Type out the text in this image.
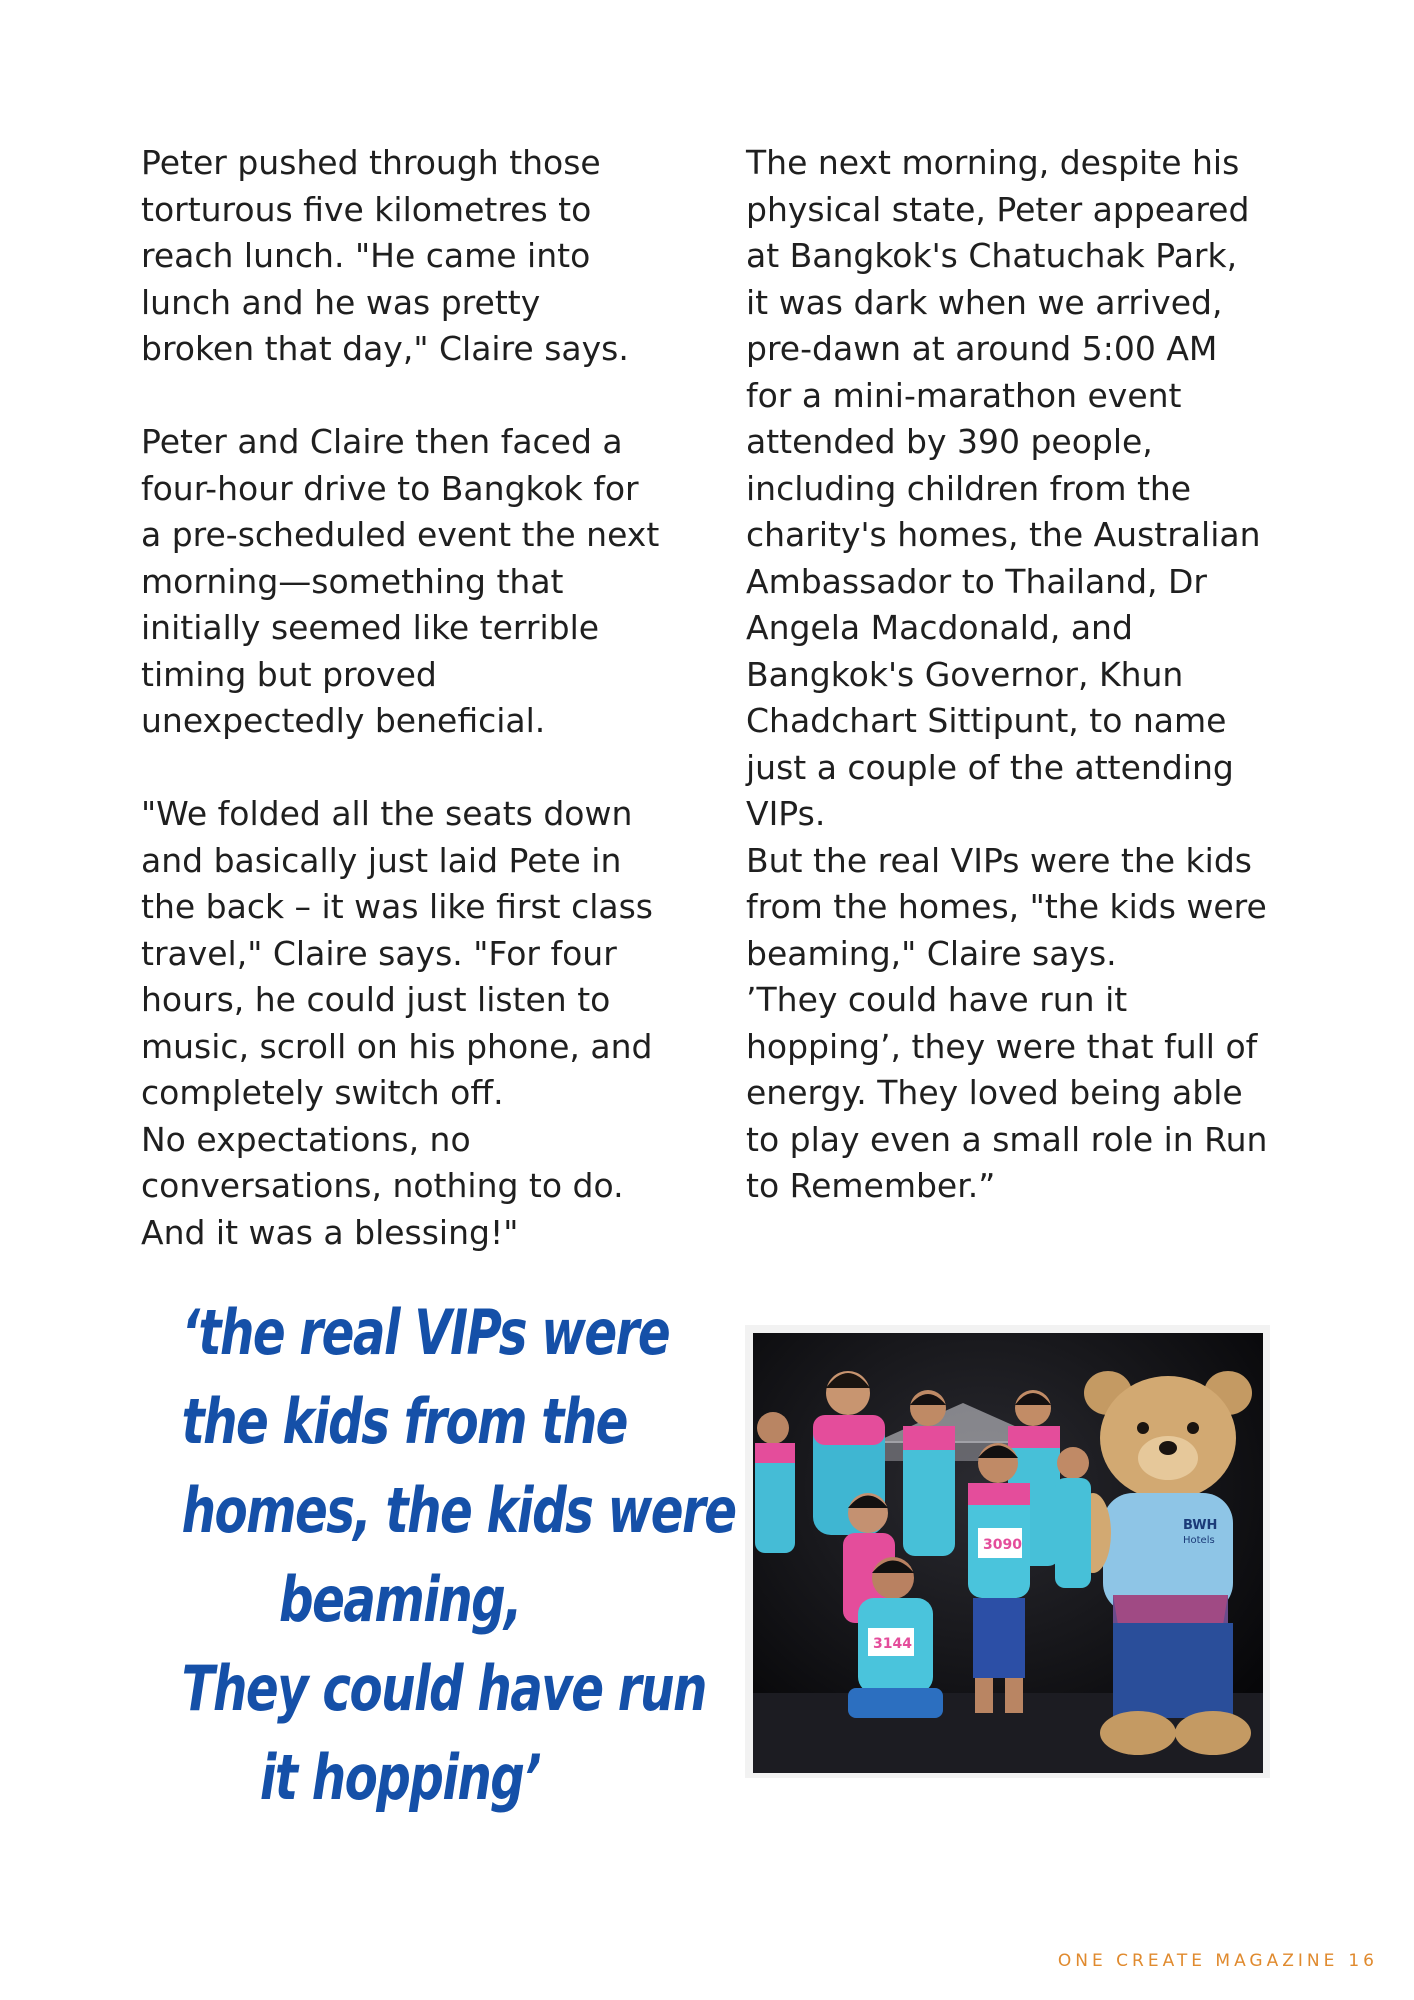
Peter pushed through those
torturous five kilometres to
reach lunch. "He came into
lunch and he was pretty
broken that day," Claire says.
Peter and Claire then faced a
four-hour drive to Bangkok for
a pre-scheduled event the next
morning—something that
initially seemed like terrible
timing but proved
unexpectedly beneficial.
"We folded all the seats down
and basically just laid Pete in
the back – it was like first class
travel," Claire says. "For four
hours, he could just listen to
music, scroll on his phone, and
completely switch off.
No expectations, no
conversations, nothing to do.
And it was a blessing!"
The next morning, despite his
physical state, Peter appeared
at Bangkok's Chatuchak Park,
it was dark when we arrived,
pre-dawn at around 5:00 AM
for a mini-marathon event
attended by 390 people,
including children from the
charity's homes, the Australian
Ambassador to Thailand, Dr
Angela Macdonald, and
Bangkok's Governor, Khun
Chadchart Sittipunt, to name
just a couple of the attending
VIPs.
But the real VIPs were the kids
from the homes, "the kids were
beaming," Claire says.
’They could have run it
hopping’, they were that full of
energy. They loved being able
to play even a small role in Run
to Remember.”
‘the real VIPs were
the kids from the
homes, the kids were
beaming,
They could have run
it hopping’
BWH
Hotels
3090
3144
ONE CREATE MAGAZINE 16
